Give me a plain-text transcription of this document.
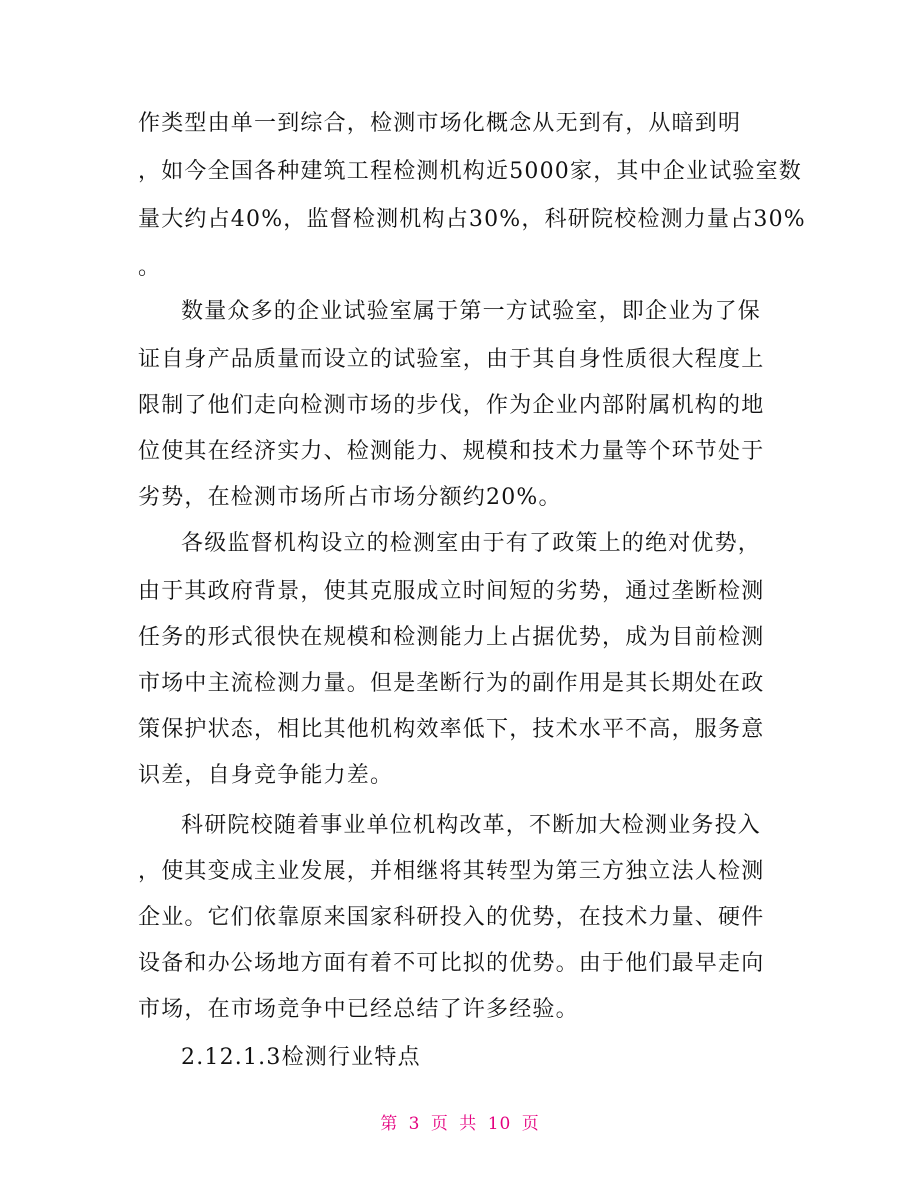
作类型由单一到综合，检测市场化概念从无到有，从暗到明
，如今全国各种建筑工程检测机构近5000家，其中企业试验室数
量大约占40%，监督检测机构占30%，科研院校检测力量占30%
。
数量众多的企业试验室属于第一方试验室，即企业为了保
证自身产品质量而设立的试验室，由于其自身性质很大程度上
限制了他们走向检测市场的步伐，作为企业内部附属机构的地
位使其在经济实力、检测能力、规模和技术力量等个环节处于
劣势，在检测市场所占市场分额约20%。
各级监督机构设立的检测室由于有了政策上的绝对优势，
由于其政府背景，使其克服成立时间短的劣势，通过垄断检测
任务的形式很快在规模和检测能力上占据优势，成为目前检测
市场中主流检测力量。但是垄断行为的副作用是其长期处在政
策保护状态，相比其他机构效率低下，技术水平不高，服务意
识差，自身竞争能力差。
科研院校随着事业单位机构改革，不断加大检测业务投入
，使其变成主业发展，并相继将其转型为第三方独立法人检测
企业。它们依靠原来国家科研投入的优势，在技术力量、硬件
设备和办公场地方面有着不可比拟的优势。由于他们最早走向
市场，在市场竞争中已经总结了许多经验。
2.12.1.3检测行业特点
第 3 页 共 10 页
